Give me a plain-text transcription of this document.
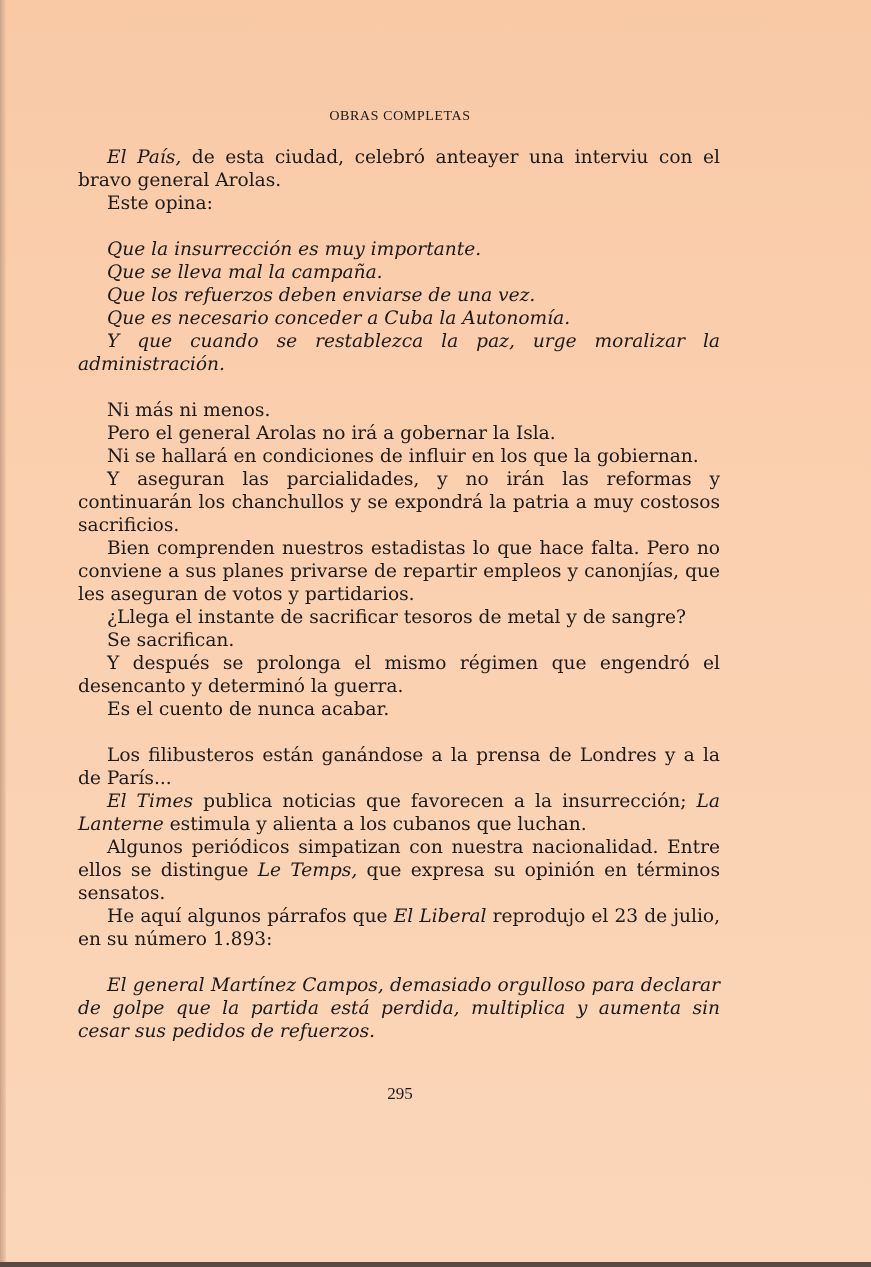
OBRAS COMPLETAS

El País, de esta ciudad, celebró anteayer una interviu con el bravo general Arolas.

Este opina:

Que la insurrección es muy importante.

Que se lleva mal la campaña.

Que los refuerzos deben enviarse de una vez.

Que es necesario conceder a Cuba la Autonomía.

Y que cuando se restablezca la paz, urge moralizar la administración.

Ni más ni menos.

Pero el general Arolas no irá a gobernar la Isla.

Ni se hallará en condiciones de influir en los que la gobiernan.

Y aseguran las parcialidades, y no irán las reformas y continuarán los chanchullos y se expondrá la patria a muy costosos sacrificios.

Bien comprenden nuestros estadistas lo que hace falta. Pero no conviene a sus planes privarse de repartir empleos y canonjías, que les aseguran de votos y partidarios.

¿Llega el instante de sacrificar tesoros de metal y de sangre?

Se sacrifican.

Y después se prolonga el mismo régimen que engendró el desencanto y determinó la guerra.

Es el cuento de nunca acabar.

Los filibusteros están ganándose a la prensa de Londres y a la de París...

El Times publica noticias que favorecen a la insurrección; La Lanterne estimula y alienta a los cubanos que luchan.

Algunos periódicos simpatizan con nuestra nacionalidad. Entre ellos se distingue Le Temps, que expresa su opinión en términos sensatos.

He aquí algunos párrafos que El Liberal reprodujo el 23 de julio, en su número 1.893:

El general Martínez Campos, demasiado orgulloso para declarar de golpe que la partida está perdida, multiplica y aumenta sin cesar sus pedidos de refuerzos.

295
